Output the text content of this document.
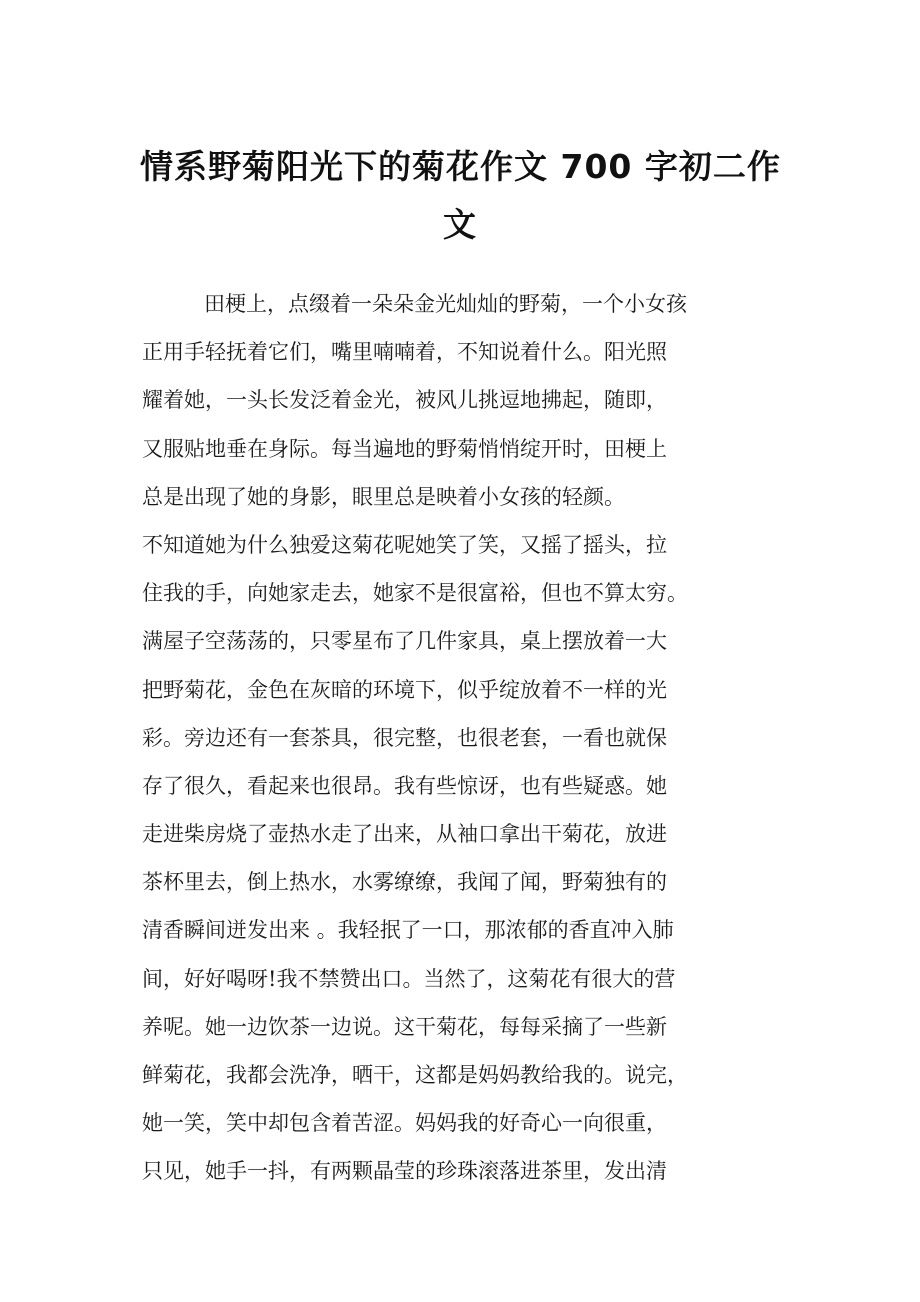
情系野菊阳光下的菊花作文 700 字初二作
文
田梗上，点缀着一朵朵金光灿灿的野菊，一个小女孩
正用手轻抚着它们，嘴里喃喃着，不知说着什么。阳光照
耀着她，一头长发泛着金光，被风儿挑逗地拂起，随即，
又服贴地垂在身际。每当遍地的野菊悄悄绽开时，田梗上
总是出现了她的身影，眼里总是映着小女孩的轻颜。
不知道她为什么独爱这菊花呢她笑了笑，又摇了摇头，拉
住我的手，向她家走去，她家不是很富裕，但也不算太穷。
满屋子空荡荡的，只零星布了几件家具，桌上摆放着一大
把野菊花，金色在灰暗的环境下，似乎绽放着不一样的光
彩。旁边还有一套茶具，很完整，也很老套，一看也就保
存了很久，看起来也很昂。我有些惊讶，也有些疑惑。她
走进柴房烧了壶热水走了出来，从袖口拿出干菊花，放进
茶杯里去，倒上热水，水雾缭缭，我闻了闻，野菊独有的
清香瞬间迸发出来 。我轻抿了一口，那浓郁的香直冲入肺
间，好好喝呀!我不禁赞出口。当然了，这菊花有很大的营
养呢。她一边饮茶一边说。这干菊花，每每采摘了一些新
鲜菊花，我都会洗净，晒干，这都是妈妈教给我的。说完，
她一笑，笑中却包含着苦涩。妈妈我的好奇心一向很重，
只见，她手一抖，有两颗晶莹的珍珠滚落进茶里，发出清
